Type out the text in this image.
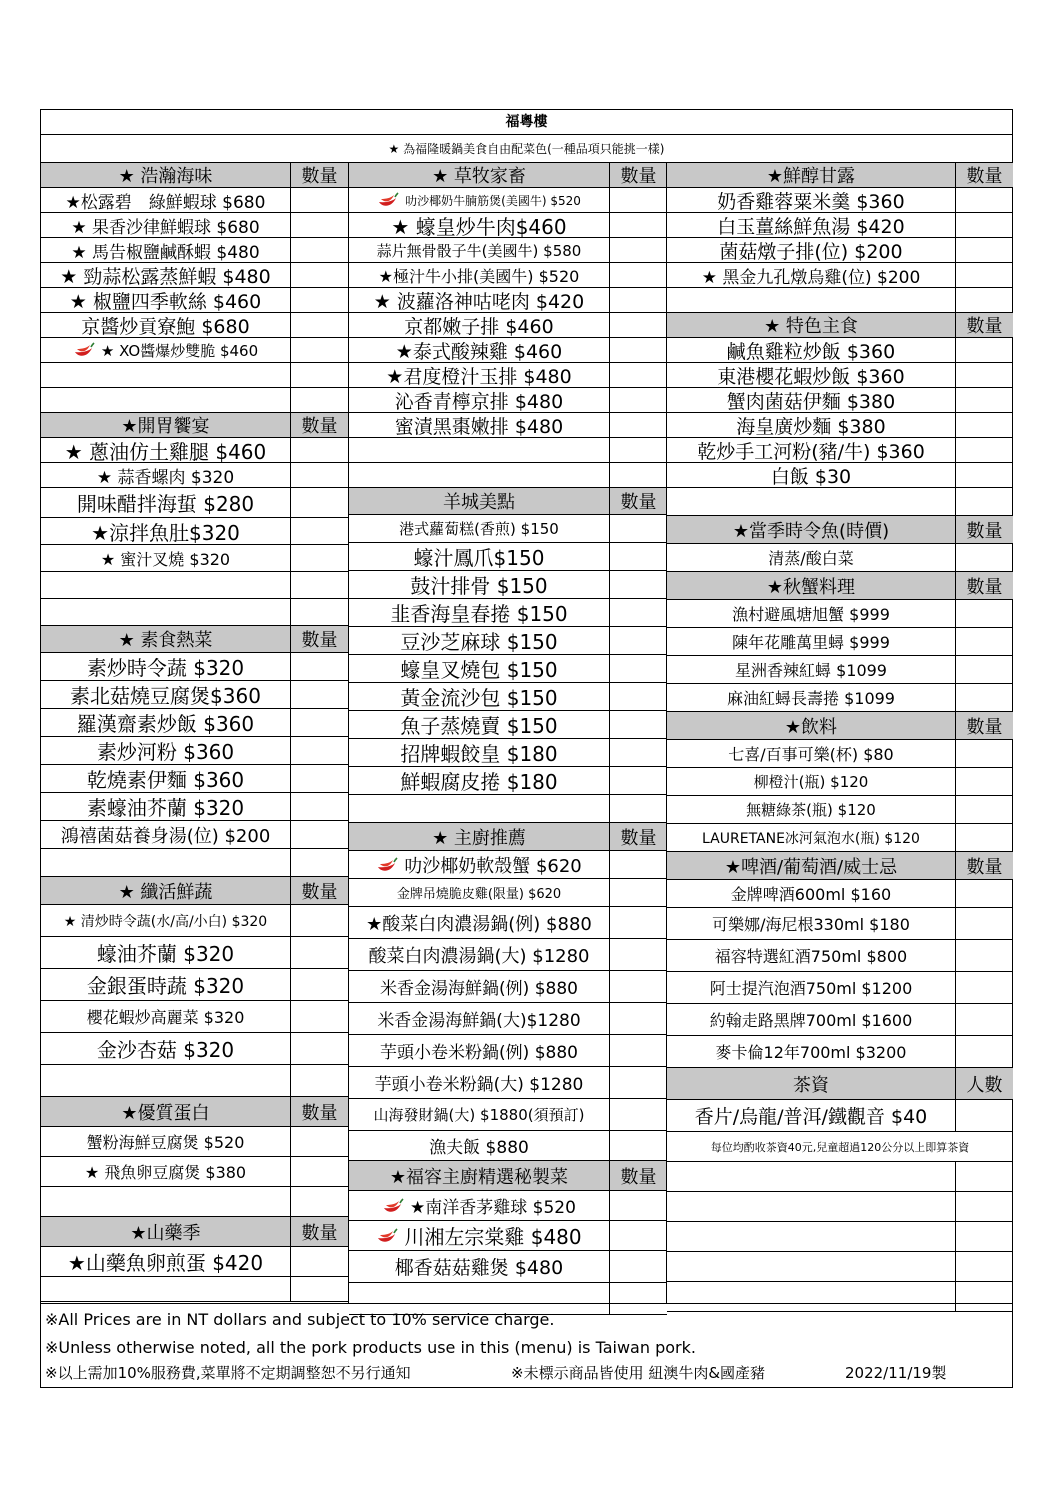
福粵樓
★ 為福隆暖鍋美食自由配菜色(一種品項只能挑一樣)
★ 浩瀚海味	數量
★松露碧　綠鮮蝦球 $680
★ 果香沙律鮮蝦球 $680
★ 馬告椒鹽鹹酥蝦 $480
★ 勁蒜松露蒸鮮蝦 $480
★ 椒鹽四季軟絲 $460
京醬炒貢寮鮑 $680
★ XO醬爆炒雙脆 $460
★開胃饗宴	數量
★ 蔥油仿土雞腿 $460
★ 蒜香螺肉 $320
開味醋拌海蜇 $280
★涼拌魚肚$320
★ 蜜汁叉燒 $320
★ 素食熱菜	數量
素炒時令蔬 $320
素北菇燒豆腐煲$360
羅漢齋素炒飯 $360
素炒河粉 $360
乾燒素伊麵 $360
素蠔油芥蘭 $320
鴻禧菌菇養身湯(位) $200
★ 纖活鮮蔬	數量
★ 清炒時令蔬(水/高/小白) $320
蠔油芥蘭 $320
金銀蛋時蔬 $320
櫻花蝦炒高麗菜 $320
金沙杏菇 $320
★優質蛋白	數量
蟹粉海鮮豆腐煲 $520
★ 飛魚卵豆腐煲 $380
★山藥季	數量
★山藥魚卵煎蛋 $420
★ 草牧家畜	數量
叻沙椰奶牛腩筋煲(美國牛) $520
★ 蠔皇炒牛肉$460
蒜片無骨骰子牛(美國牛) $580
★極汁牛小排(美國牛) $520
★ 波蘿洛神咕咾肉 $420
京都嫩子排 $460
★泰式酸辣雞 $460
★君度橙汁玉排 $480
沁香青檸京排 $480
蜜漬黑棗嫩排 $480
羊城美點	數量
港式蘿蔔糕(香煎) $150
蠔汁鳳爪$150
鼓汁排骨 $150
韭香海皇春捲 $150
豆沙芝麻球 $150
蠔皇叉燒包 $150
黃金流沙包 $150
魚子蒸燒賣 $150
招牌蝦餃皇 $180
鮮蝦腐皮捲 $180
★ 主廚推薦	數量
叻沙椰奶軟殼蟹 $620
金牌吊燒脆皮雞(限量) $620
★酸菜白肉濃湯鍋(例) $880
酸菜白肉濃湯鍋(大) $1280
米香金湯海鮮鍋(例) $880
米香金湯海鮮鍋(大)$1280
芋頭小卷米粉鍋(例) $880
芋頭小卷米粉鍋(大) $1280
山海發財鍋(大) $1880(須預訂)
漁夫飯 $880
★福容主廚精選秘製菜	數量
★南洋香茅雞球 $520
川湘左宗棠雞 $480
椰香菇菇雞煲 $480
★鮮醇甘露	數量
奶香雞蓉粟米羹 $360
白玉薑絲鮮魚湯 $420
菌菇燉子排(位) $200
★ 黑金九孔燉烏雞(位) $200
★ 特色主食	數量
鹹魚雞粒炒飯 $360
東港櫻花蝦炒飯 $360
蟹肉菌菇伊麵 $380
海皇廣炒麵 $380
乾炒手工河粉(豬/牛) $360
白飯 $30
★當季時令魚(時價)	數量
清蒸/酸白菜
★秋蟹料理	數量
漁村避風塘旭蟹 $999
陳年花雕萬里蟳 $999
星洲香辣紅蟳 $1099
麻油紅蟳長壽捲 $1099
★飲料	數量
七喜/百事可樂(杯) $80
柳橙汁(瓶) $120
無糖綠茶(瓶) $120
LAURETANE冰河氣泡水(瓶) $120
★啤酒/葡萄酒/威士忌	數量
金牌啤酒600ml $160
可樂娜/海尼根330ml $180
福容特選紅酒750ml $800
阿士提汽泡酒750ml $1200
約翰走路黑牌700ml $1600
麥卡倫12年700ml $3200
茶資	人數
香片/烏龍/普洱/鐵觀音 $40
每位均酌收茶資40元,兒童超過120公分以上即算茶資
※All Prices are in NT dollars and subject to 10% service charge.
※Unless otherwise noted, all the pork products use in this (menu) is Taiwan pork.
※以上需加10%服務費,菜單將不定期調整恕不另行通知	※未標示商品皆使用 紐澳牛肉&國產豬	2022/11/19製
